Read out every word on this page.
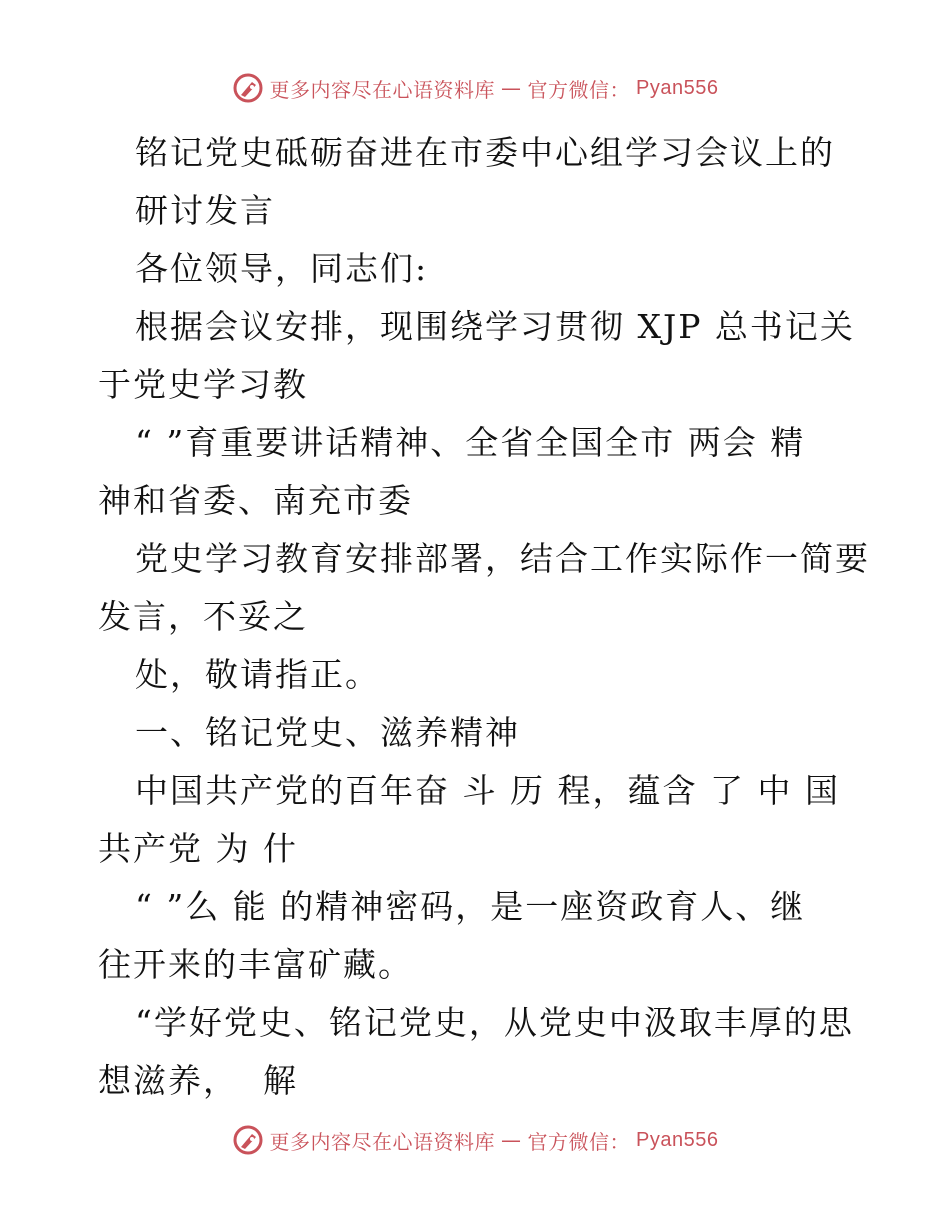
更多内容尽在心语资料库 — 官方微信： Pyan556
铭记党史砥砺奋进在市委中心组学习会议上的
研讨发言
各位领导，同志们:
根据会议安排，现围绕学习贯彻 XJP 总书记关
于党史学习教
“ ”育重要讲话精神、全省全国全市 两会 精
神和省委、南充市委
党史学习教育安排部署，结合工作实际作一简要
发言，不妥之
处，敬请指正。
一、铭记党史、滋养精神
中国共产党的百年奋 斗 历 程，蕴含 了 中 国
共产党 为 什
“ ”么 能 的精神密码，是一座资政育人、继
往开来的丰富矿藏。
“学好党史、铭记党史，从党史中汲取丰厚的思
想滋养，  解
更多内容尽在心语资料库 — 官方微信： Pyan556
